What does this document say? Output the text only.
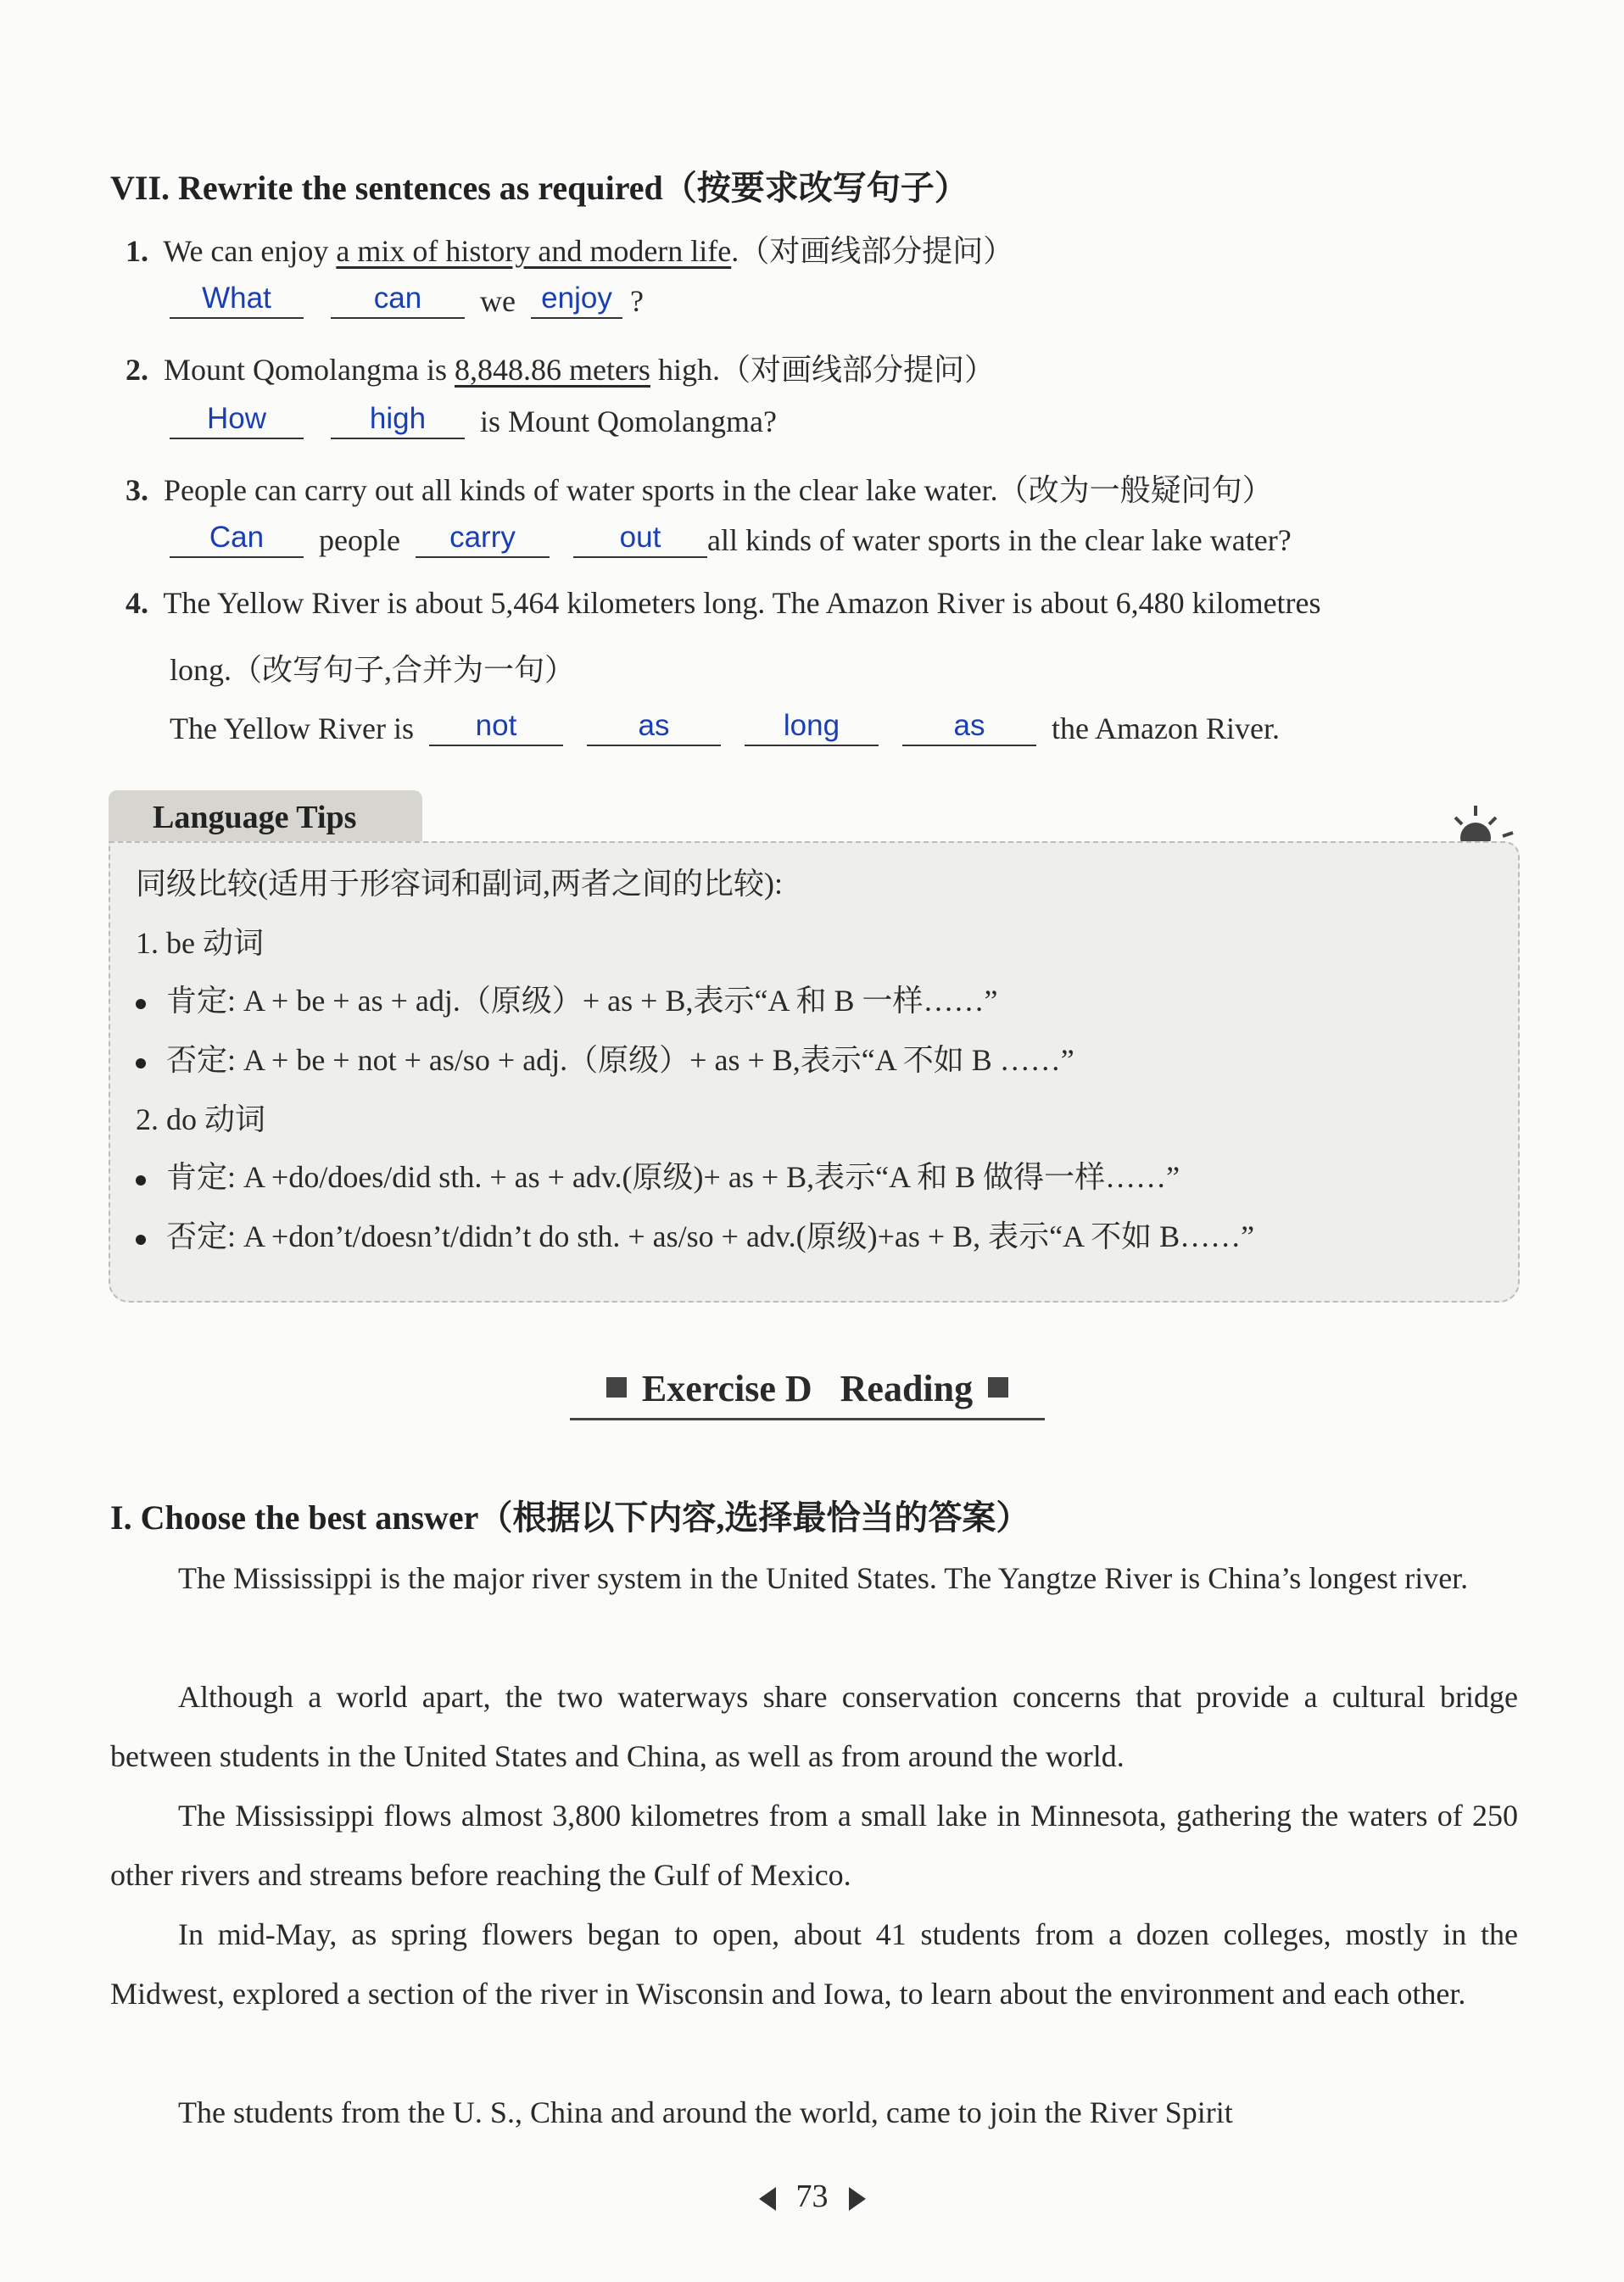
VII. Rewrite the sentences as required（按要求改写句子）
1. We can enjoy a mix of history and modern life.（对画线部分提问）
What	can we enjoy ?
2. Mount Qomolangma is 8,848.86 meters high.（对画线部分提问）
How	high is Mount Qomolangma?
3. People can carry out all kinds of water sports in the clear lake water.（改为一般疑问句）
Can people carry	out all kinds of water sports in the clear lake water?
4. The Yellow River is about 5,464 kilometers long. The Amazon River is about 6,480 kilometres
long.（改写句子,合并为一句）
The Yellow River is not	as	long	as the Amazon River.
Language Tips
同级比较(适用于形容词和副词,两者之间的比较):
1. be 动词
肯定: A + be + as + adj.（原级）+ as + B,表示“A 和 B 一样……”
否定: A + be + not + as/so + adj.（原级）+ as + B,表示“A 不如 B ……”
2. do 动词
肯定: A +do/does/did sth. + as + adv.(原级)+ as + B,表示“A 和 B 做得一样……”
否定: A +don’t/doesn’t/didn’t do sth. + as/so + adv.(原级)+as + B, 表示“A 不如 B……”
Exercise D Reading
I. Choose the best answer（根据以下内容,选择最恰当的答案）
The Mississippi is the major river system in the United States. The Yangtze River is China’s longest river.
Although a world apart, the two waterways share conservation concerns that provide a cultural bridge between students in the United States and China, as well as from around the world.
The Mississippi flows almost 3,800 kilometres from a small lake in Minnesota, gathering the waters of 250 other rivers and streams before reaching the Gulf of Mexico.
In mid-May, as spring flowers began to open, about 41 students from a dozen colleges, mostly in the Midwest, explored a section of the river in Wisconsin and Iowa, to learn about the environment and each other.
The students from the U. S., China and around the world, came to join the River Spirit
73
